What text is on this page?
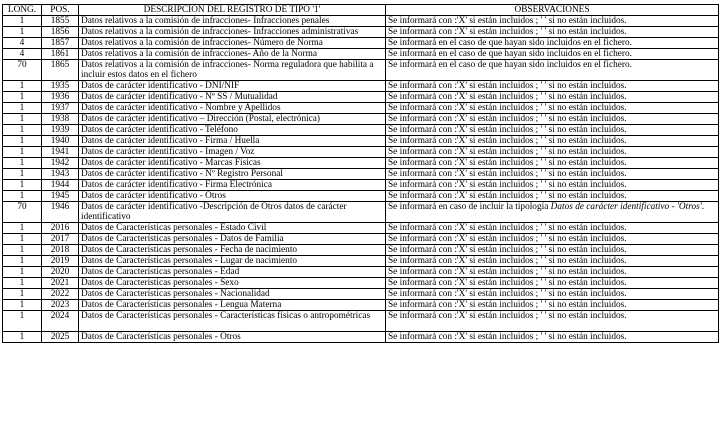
LONG.	POS.	DESCRIPCION DEL REGISTRO DE TIPO '1'	OBSERVACIONES
1	1855	Datos relativos a la comisión de infracciones- Infracciones penales	Se informará con :'X' si están incluidos ; ' ' si no están incluidos.
1	1856	Datos relativos a la comisión de infracciones- Infracciones administrativas	Se informará con :'X' si están incluidos ; ' ' si no están incluidos.
4	1857	Datos relativos a la comisión de infracciones- Número de Norma	Se informará en el caso de que hayan sido incluidos en el fichero.
4	1861	Datos relativos a la comisión de infracciones- Año de la Norma	Se informará en el caso de que hayan sido incluidos en el fichero.
70	1865	Datos relativos a la comisión de infracciones- Norma reguladora que habilita a incluir estos datos en el fichero	Se informará en el caso de que hayan sido incluidos en el fichero.
1	1935	Datos de carácter identificativo - DNI/NIF	Se informará con :'X' si están incluidos ; ' ' si no están incluidos.
1	1936	Datos de carácter identificativo - Nº SS / Mutualidad	Se informará con :'X' si están incluidos ; ' ' si no están incluidos.
1	1937	Datos de carácter identificativo - Nombre y Apellidos	Se informará con :'X' si están incluidos ; ' ' si no están incluidos.
1	1938	Datos de carácter identificativo – Dirección (Postal, electrónica)	Se informará con :'X' si están incluidos ; ' ' si no están incluidos.
1	1939	Datos de carácter identificativo - Teléfono	Se informará con :'X' si están incluidos ; ' ' si no están incluidos.
1	1940	Datos de carácter identificativo - Firma / Huella	Se informará con :'X' si están incluidos ; ' ' si no están incluidos.
1	1941	Datos de carácter identificativo - Imagen / Voz	Se informará con :'X' si están incluidos ; ' ' si no están incluidos.
1	1942	Datos de carácter identificativo - Marcas Físicas	Se informará con :'X' si están incluidos ; ' ' si no están incluidos.
1	1943	Datos de carácter identificativo - Nº Registro Personal	Se informará con :'X' si están incluidos ; ' ' si no están incluidos.
1	1944	Datos de carácter identificativo - Firma Electrónica	Se informará con :'X' si están incluidos ; ' ' si no están incluidos.
1	1945	Datos de carácter identificativo - Otros	Se informará con :'X' si están incluidos ; ' ' si no están incluidos.
70	1946	Datos de carácter identificativo -Descripción de Otros datos de carácter identificativo	Se informará en caso de incluir la tipología Datos de carácter identificativo - 'Otros'.
1	2016	Datos de Características personales - Estado Civil	Se informará con :'X' si están incluidos ; ' ' si no están incluidos.
1	2017	Datos de Características personales - Datos de Familia	Se informará con :'X' si están incluidos ; ' ' si no están incluidos.
1	2018	Datos de Características personales - Fecha de nacimiento	Se informará con :'X' si están incluidos ; ' ' si no están incluidos.
1	2019	Datos de Características personales - Lugar de nacimiento	Se informará con :'X' si están incluidos ; ' ' si no están incluidos.
1	2020	Datos de Características personales - Edad	Se informará con :'X' si están incluidos ; ' ' si no están incluidos.
1	2021	Datos de Características personales - Sexo	Se informará con :'X' si están incluidos ; ' ' si no están incluidos.
1	2022	Datos de Características personales - Nacionalidad	Se informará con :'X' si están incluidos ; ' ' si no están incluidos.
1	2023	Datos de Características personales - Lengua Materna	Se informará con :'X' si están incluidos ; ' ' si no están incluidos.
1	2024	Datos de Características personales - Características físicas o antropométricas	Se informará con :'X' si están incluidos ; ' ' si no están incluidos.
1	2025	Datos de Características personales - Otros	Se informará con :'X' si están incluidos ; ' ' si no están incluidos.
